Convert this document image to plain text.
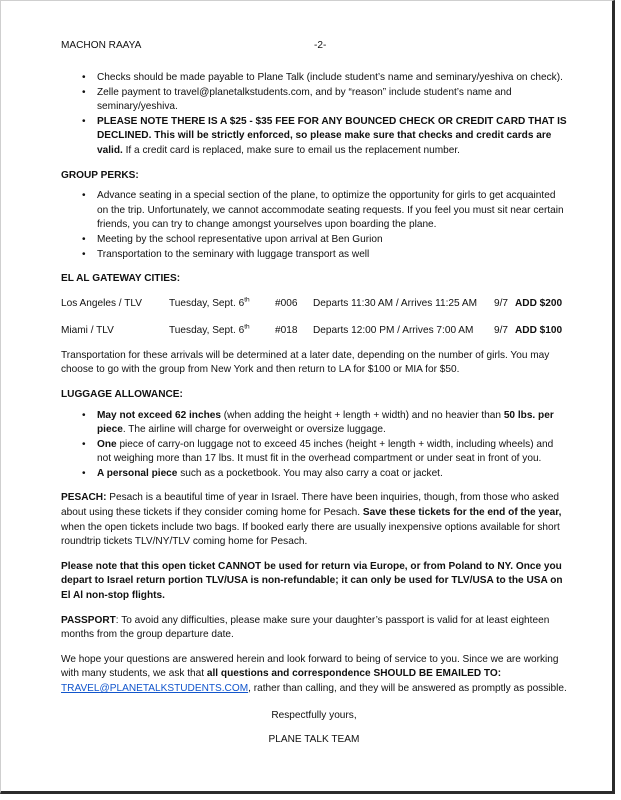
MACHON RAAYA	-2-
• Checks should be made payable to Plane Talk (include student’s name and seminary/yeshiva on check).
• Zelle payment to travel@planetalkstudents.com, and by “reason” include student’s name and seminary/yeshiva.
• PLEASE NOTE THERE IS A $25 - $35 FEE FOR ANY BOUNCED CHECK OR CREDIT CARD THAT IS DECLINED. This will be strictly enforced, so please make sure that checks and credit cards are valid. If a credit card is replaced, make sure to email us the replacement number.

GROUP PERKS:

• Advance seating in a special section of the plane, to optimize the opportunity for girls to get acquainted on the trip. Unfortunately, we cannot accommodate seating requests. If you feel you must sit near certain friends, you can try to change amongst yourselves upon boarding the plane.
• Meeting by the school representative upon arrival at Ben Gurion
• Transportation to the seminary with luggage transport as well

EL AL GATEWAY CITIES:

Los Angeles / TLV	Tuesday, Sept. 6th	#006 Departs 11:30 AM / Arrives 11:25 AM 9/7 ADD $200
Miami / TLV	Tuesday, Sept. 6th	#018 Departs 12:00 PM / Arrives 7:00 AM 9/7 ADD $100

Transportation for these arrivals will be determined at a later date, depending on the number of girls. You may choose to go with the group from New York and then return to LA for $100 or MIA for $50.

LUGGAGE ALLOWANCE:

• May not exceed 62 inches (when adding the height + length + width) and no heavier than 50 lbs. per piece. The airline will charge for overweight or oversize luggage.
• One piece of carry-on luggage not to exceed 45 inches (height + length + width, including wheels) and not weighing more than 17 lbs. It must fit in the overhead compartment or under seat in front of you.
• A personal piece such as a pocketbook. You may also carry a coat or jacket.

PESACH: Pesach is a beautiful time of year in Israel. There have been inquiries, though, from those who asked about using these tickets if they consider coming home for Pesach. Save these tickets for the end of the year, when the open tickets include two bags. If booked early there are usually inexpensive options available for short roundtrip tickets TLV/NY/TLV coming home for Pesach.

Please note that this open ticket CANNOT be used for return via Europe, or from Poland to NY. Once you depart to Israel return portion TLV/USA is non-refundable; it can only be used for TLV/USA to the USA on El Al non-stop flights.

PASSPORT: To avoid any difficulties, please make sure your daughter’s passport is valid for at least eighteen months from the group departure date.

We hope your questions are answered herein and look forward to being of service to you. Since we are working with many students, we ask that all questions and correspondence SHOULD BE EMAILED TO: TRAVEL@PLANETALKSTUDENTS.COM, rather than calling, and they will be answered as promptly as possible.

Respectfully yours,

PLANE TALK TEAM
